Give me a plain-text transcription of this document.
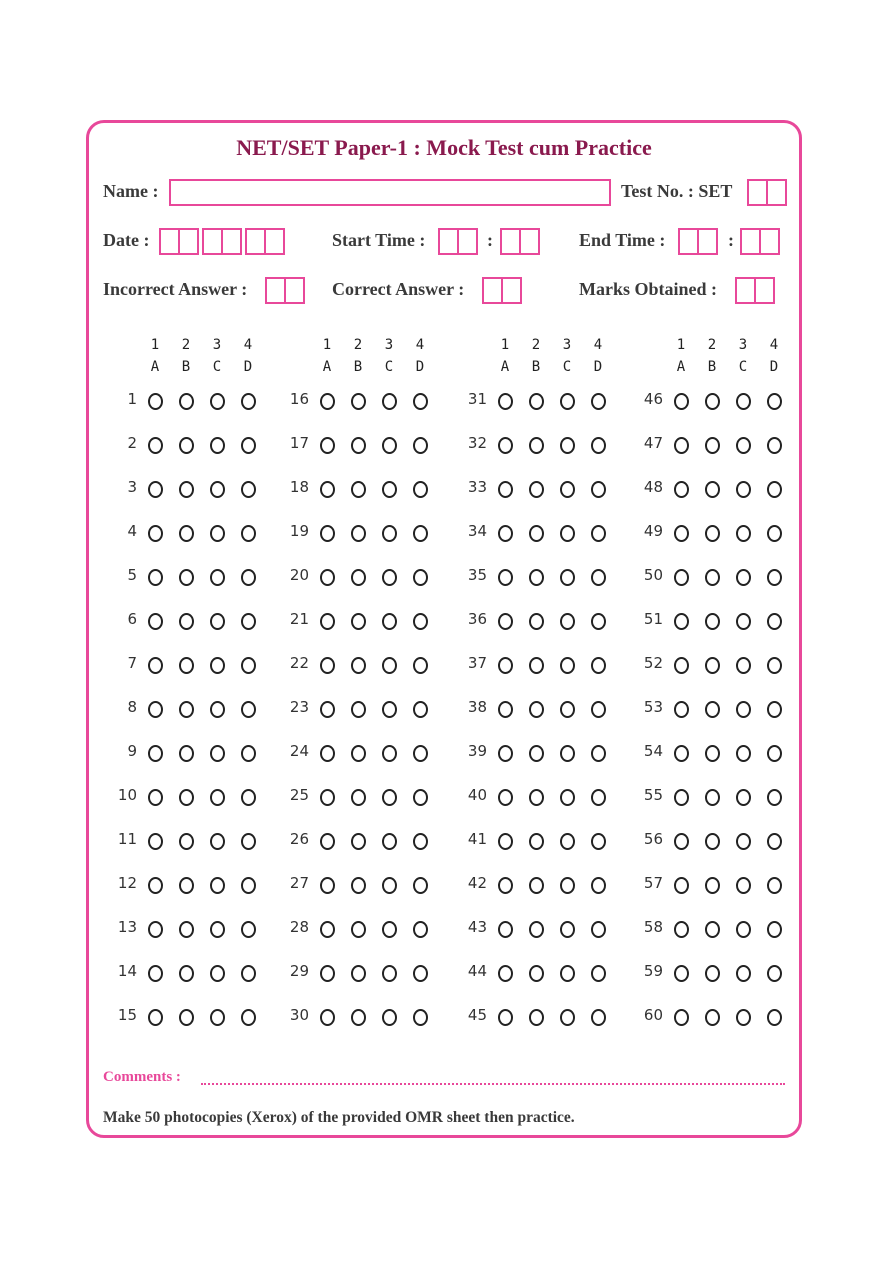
NET/SET Paper-1 : Mock Test cum Practice
Name :	Test No. : SET
Date :	Start Time :	:	End Time :	:
Incorrect Answer :	Correct Answer :	Marks Obtained :
1 2 3 4
A B C D
1
2
3
4
5
6
7
8
9
10
11
12
13
14
15
1 2 3 4
A B C D
16
17
18
19
20
21
22
23
24
25
26
27
28
29
30
1 2 3 4
A B C D
31
32
33
34
35
36
37
38
39
40
41
42
43
44
45
1 2 3 4
A B C D
46
47
48
49
50
51
52
53
54
55
56
57
58
59
60
Comments :
Make 50 photocopies (Xerox) of the provided OMR sheet then practice.
